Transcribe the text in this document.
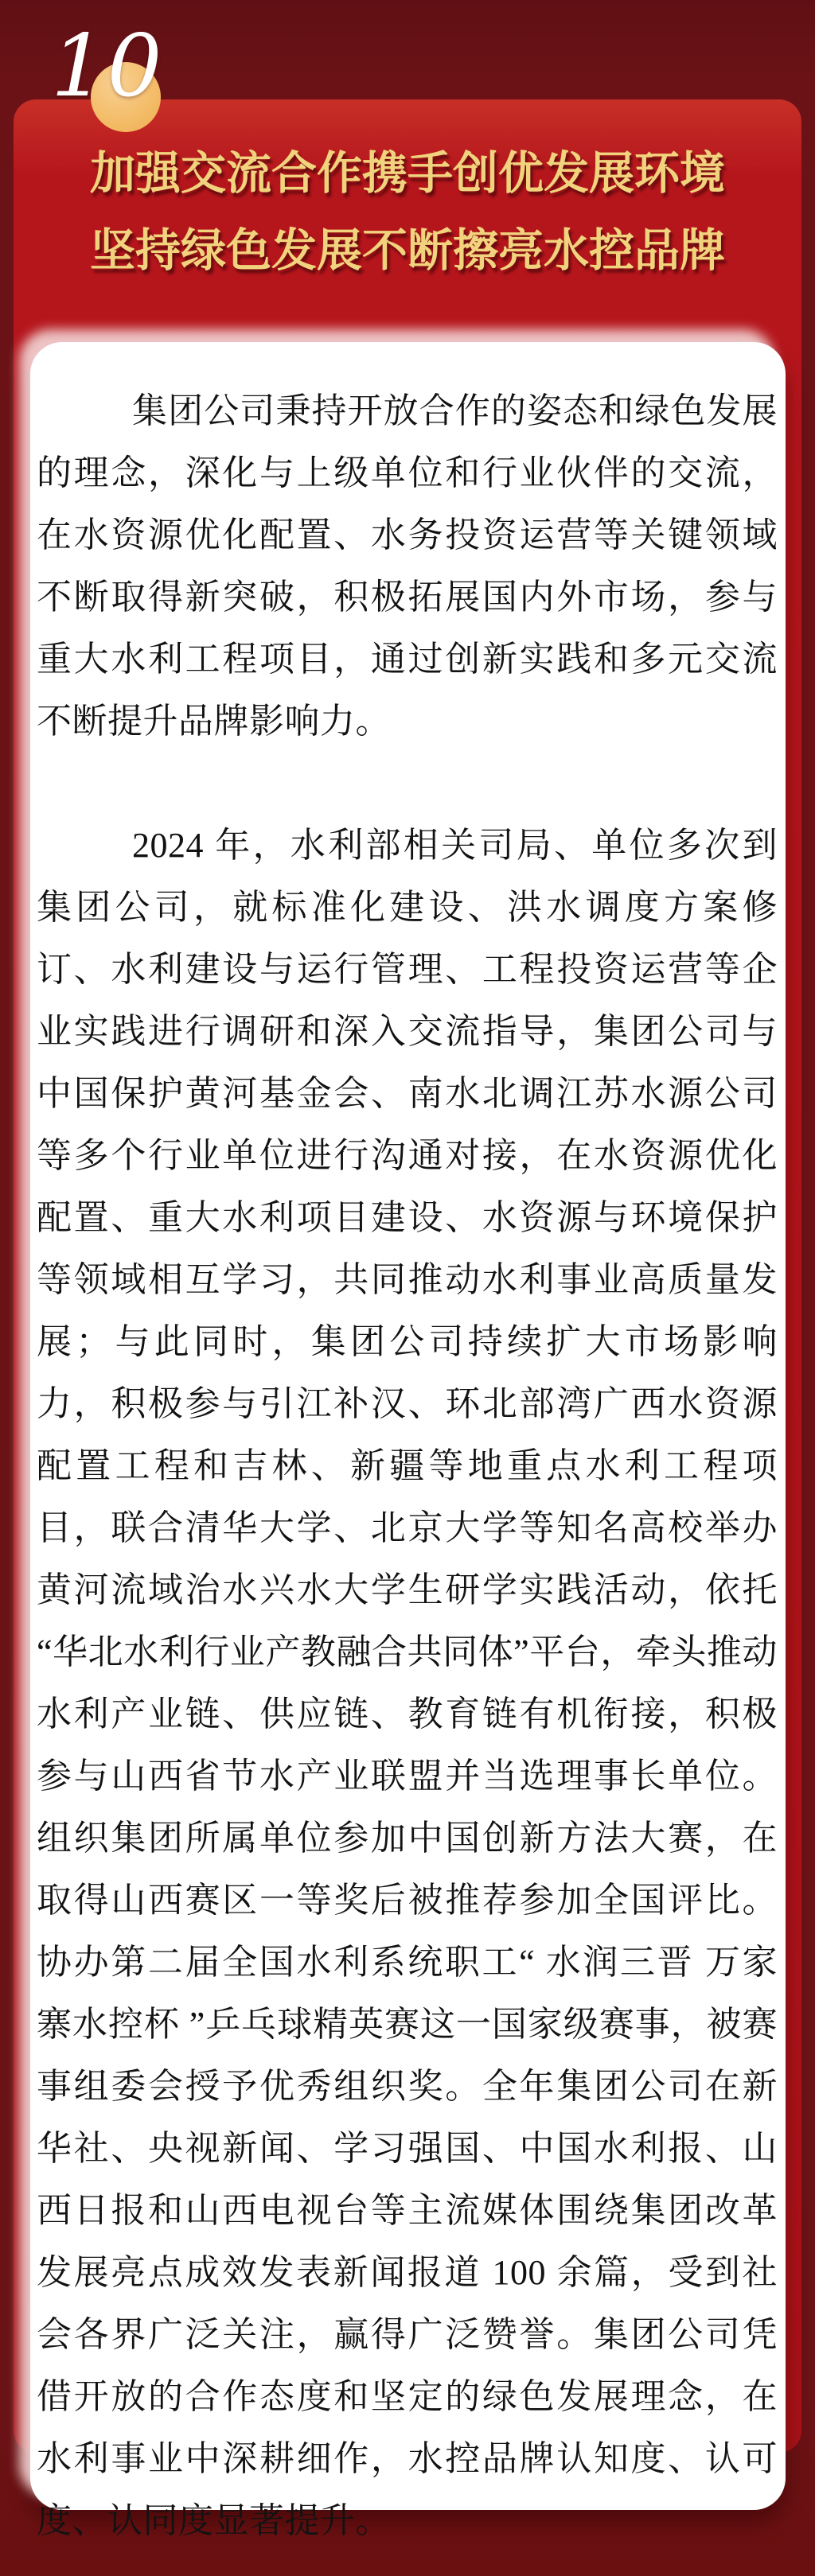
10
加强交流合作携手创优发展环境
坚持绿色发展不断擦亮水控品牌

集团公司秉持开放合作的姿态和绿色发展的理念，深化与上级单位和行业伙伴的交流，在水资源优化配置、水务投资运营等关键领域不断取得新突破，积极拓展国内外市场，参与重大水利工程项目，通过创新实践和多元交流不断提升品牌影响力。

2024 年，水利部相关司局、单位多次到集团公司，就标准化建设、洪水调度方案修订、水利建设与运行管理、工程投资运营等企业实践进行调研和深入交流指导，集团公司与中国保护黄河基金会、南水北调江苏水源公司等多个行业单位进行沟通对接，在水资源优化配置、重大水利项目建设、水资源与环境保护等领域相互学习，共同推动水利事业高质量发展；与此同时，集团公司持续扩大市场影响力，积极参与引江补汉、环北部湾广西水资源配置工程和吉林、新疆等地重点水利工程项目，联合清华大学、北京大学等知名高校举办黄河流域治水兴水大学生研学实践活动，依托“华北水利行业产教融合共同体”平台，牵头推动水利产业链、供应链、教育链有机衔接，积极参与山西省节水产业联盟并当选理事长单位。组织集团所属单位参加中国创新方法大赛，在取得山西赛区一等奖后被推荐参加全国评比。协办第二届全国水利系统职工“ 水润三晋 万家寨水控杯 ”乒乓球精英赛这一国家级赛事，被赛事组委会授予优秀组织奖。全年集团公司在新华社、央视新闻、学习强国、中国水利报、山西日报和山西电视台等主流媒体围绕集团改革发展亮点成效发表新闻报道 100 余篇，受到社会各界广泛关注，赢得广泛赞誉。集团公司凭借开放的合作态度和坚定的绿色发展理念，在水利事业中深耕细作，水控品牌认知度、认可度、认同度显著提升。
